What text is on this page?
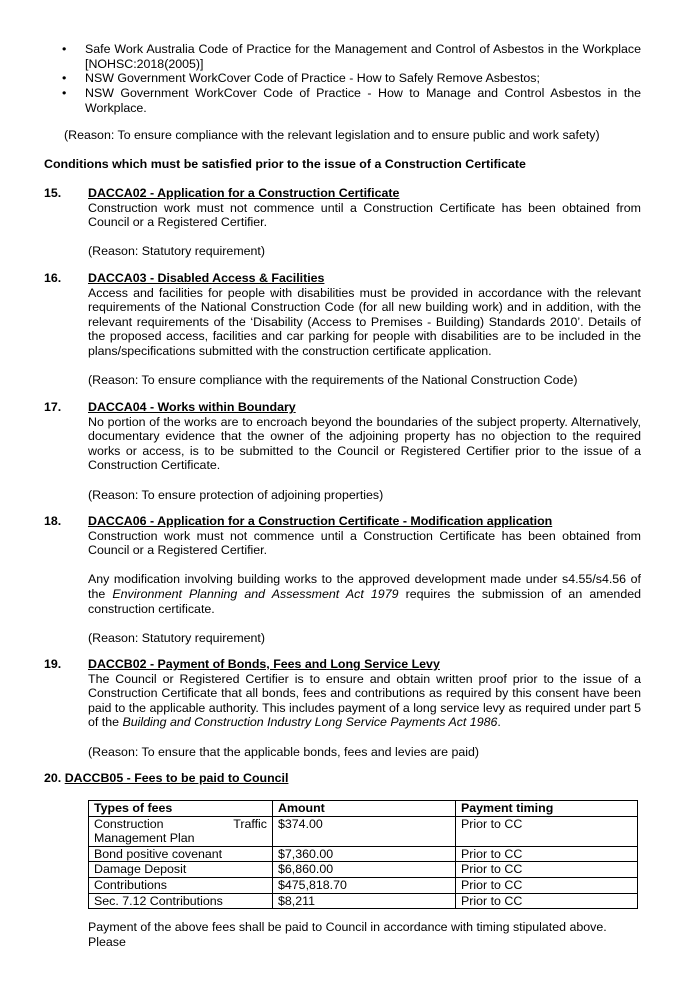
• Safe Work Australia Code of Practice for the Management and Control of Asbestos in the Workplace
[NOHSC:2018(2005)]
• NSW Government WorkCover Code of Practice - How to Safely Remove Asbestos;
• NSW Government WorkCover Code of Practice - How to Manage and Control Asbestos in the
Workplace.
(Reason: To ensure compliance with the relevant legislation and to ensure public and work safety)
Conditions which must be satisfied prior to the issue of a Construction Certificate
15. DACCA02 - Application for a Construction Certificate
Construction work must not commence until a Construction Certificate has been obtained from Council or a Registered Certifier.
(Reason: Statutory requirement)
16. DACCA03 - Disabled Access & Facilities
Access and facilities for people with disabilities must be provided in accordance with the relevant requirements of the National Construction Code (for all new building work) and in addition, with the relevant requirements of the ‘Disability (Access to Premises - Building) Standards 2010’. Details of the proposed access, facilities and car parking for people with disabilities are to be included in the plans/specifications submitted with the construction certificate application.
(Reason: To ensure compliance with the requirements of the National Construction Code)
17. DACCA04 - Works within Boundary
No portion of the works are to encroach beyond the boundaries of the subject property. Alternatively, documentary evidence that the owner of the adjoining property has no objection to the required works or access, is to be submitted to the Council or Registered Certifier prior to the issue of a Construction Certificate.
(Reason: To ensure protection of adjoining properties)
18. DACCA06 - Application for a Construction Certificate - Modification application
Construction work must not commence until a Construction Certificate has been obtained from Council or a Registered Certifier.
Any modification involving building works to the approved development made under s4.55/s4.56 of the Environment Planning and Assessment Act 1979 requires the submission of an amended construction certificate.
(Reason: Statutory requirement)
19. DACCB02 - Payment of Bonds, Fees and Long Service Levy
The Council or Registered Certifier is to ensure and obtain written proof prior to the issue of a Construction Certificate that all bonds, fees and contributions as required by this consent have been paid to the applicable authority. This includes payment of a long service levy as required under part 5 of the Building and Construction Industry Long Service Payments Act 1986.
(Reason: To ensure that the applicable bonds, fees and levies are paid)
20. DACCB05 - Fees to be paid to Council
Types of fees	Amount	Payment timing

Construction Traffic
Management Plan	$374.00	Prior to CC
Bond positive covenant	$7,360.00	Prior to CC
Damage Deposit	$6,860.00	Prior to CC
Contributions	$475,818.70	Prior to CC
Sec. 7.12 Contributions	$8,211	Prior to CC
Payment of the above fees shall be paid to Council in accordance with timing stipulated above. Please
